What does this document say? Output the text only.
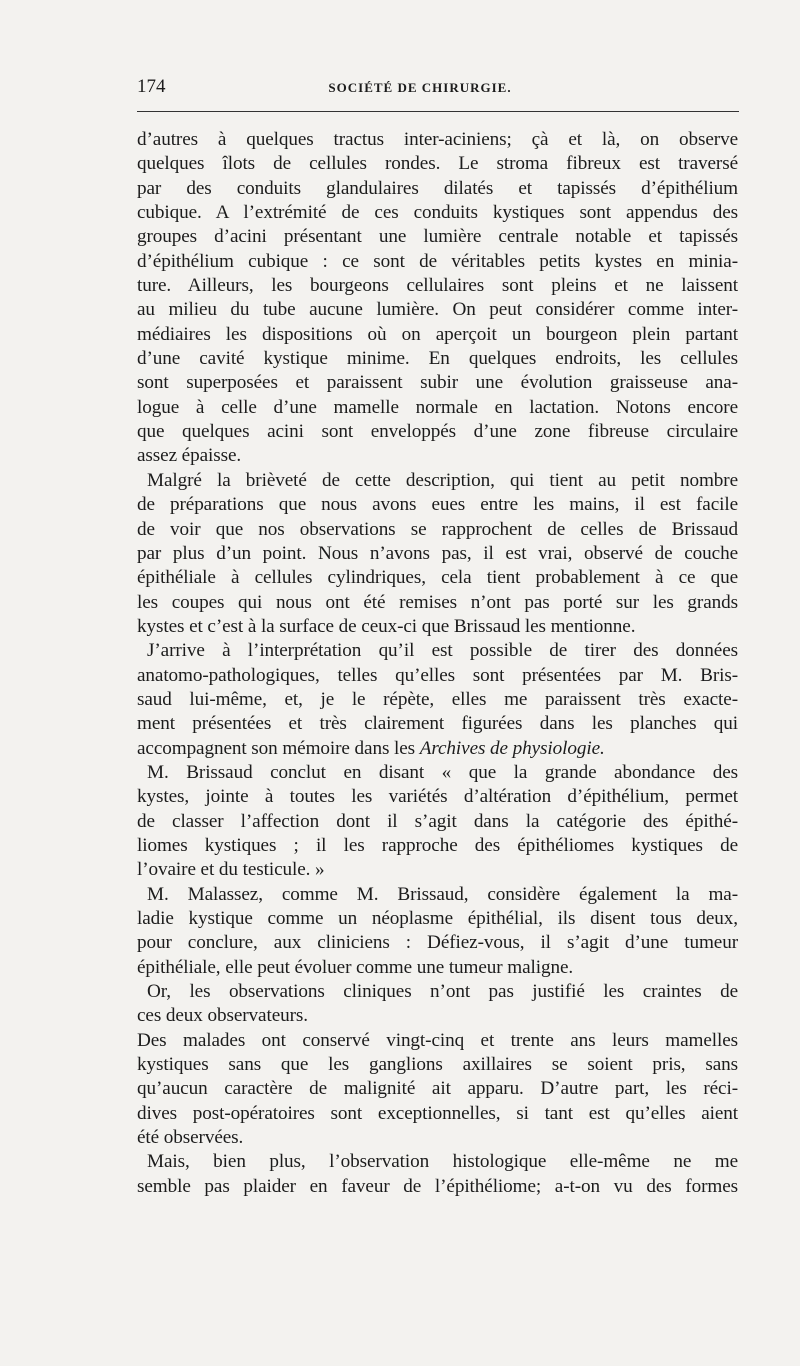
174	SOCIÉTÉ DE CHIRURGIE.
d’autres à quelques tractus inter-aciniens; çà et là, on observe
quelques îlots de cellules rondes. Le stroma fibreux est traversé
par des conduits glandulaires dilatés et tapissés d’épithélium
cubique. A l’extrémité de ces conduits kystiques sont appendus des
groupes d’acini présentant une lumière centrale notable et tapissés
d’épithélium cubique : ce sont de véritables petits kystes en minia-
ture. Ailleurs, les bourgeons cellulaires sont pleins et ne laissent
au milieu du tube aucune lumière. On peut considérer comme inter-
médiaires les dispositions où on aperçoit un bourgeon plein partant
d’une cavité kystique minime. En quelques endroits, les cellules
sont superposées et paraissent subir une évolution graisseuse ana-
logue à celle d’une mamelle normale en lactation. Notons encore
que quelques acini sont enveloppés d’une zone fibreuse circulaire
assez épaisse.
Malgré la brièveté de cette description, qui tient au petit nombre
de préparations que nous avons eues entre les mains, il est facile
de voir que nos observations se rapprochent de celles de Brissaud
par plus d’un point. Nous n’avons pas, il est vrai, observé de couche
épithéliale à cellules cylindriques, cela tient probablement à ce que
les coupes qui nous ont été remises n’ont pas porté sur les grands
kystes et c’est à la surface de ceux-ci que Brissaud les mentionne.
J’arrive à l’interprétation qu’il est possible de tirer des données
anatomo-pathologiques, telles qu’elles sont présentées par M. Bris-
saud lui-même, et, je le répète, elles me paraissent très exacte-
ment présentées et très clairement figurées dans les planches qui
accompagnent son mémoire dans les Archives de physiologie.
M. Brissaud conclut en disant « que la grande abondance des
kystes, jointe à toutes les variétés d’altération d’épithélium, permet
de classer l’affection dont il s’agit dans la catégorie des épithé-
liomes kystiques ; il les rapproche des épithéliomes kystiques de
l’ovaire et du testicule. »
M. Malassez, comme M. Brissaud, considère également la ma-
ladie kystique comme un néoplasme épithélial, ils disent tous deux,
pour conclure, aux cliniciens : Défiez-vous, il s’agit d’une tumeur
épithéliale, elle peut évoluer comme une tumeur maligne.
Or, les observations cliniques n’ont pas justifié les craintes de
ces deux observateurs.
Des malades ont conservé vingt-cinq et trente ans leurs mamelles
kystiques sans que les ganglions axillaires se soient pris, sans
qu’aucun caractère de malignité ait apparu. D’autre part, les réci-
dives post-opératoires sont exceptionnelles, si tant est qu’elles aient
été observées.
Mais, bien plus, l’observation histologique elle-même ne me
semble pas plaider en faveur de l’épithéliome; a-t-on vu des formes
